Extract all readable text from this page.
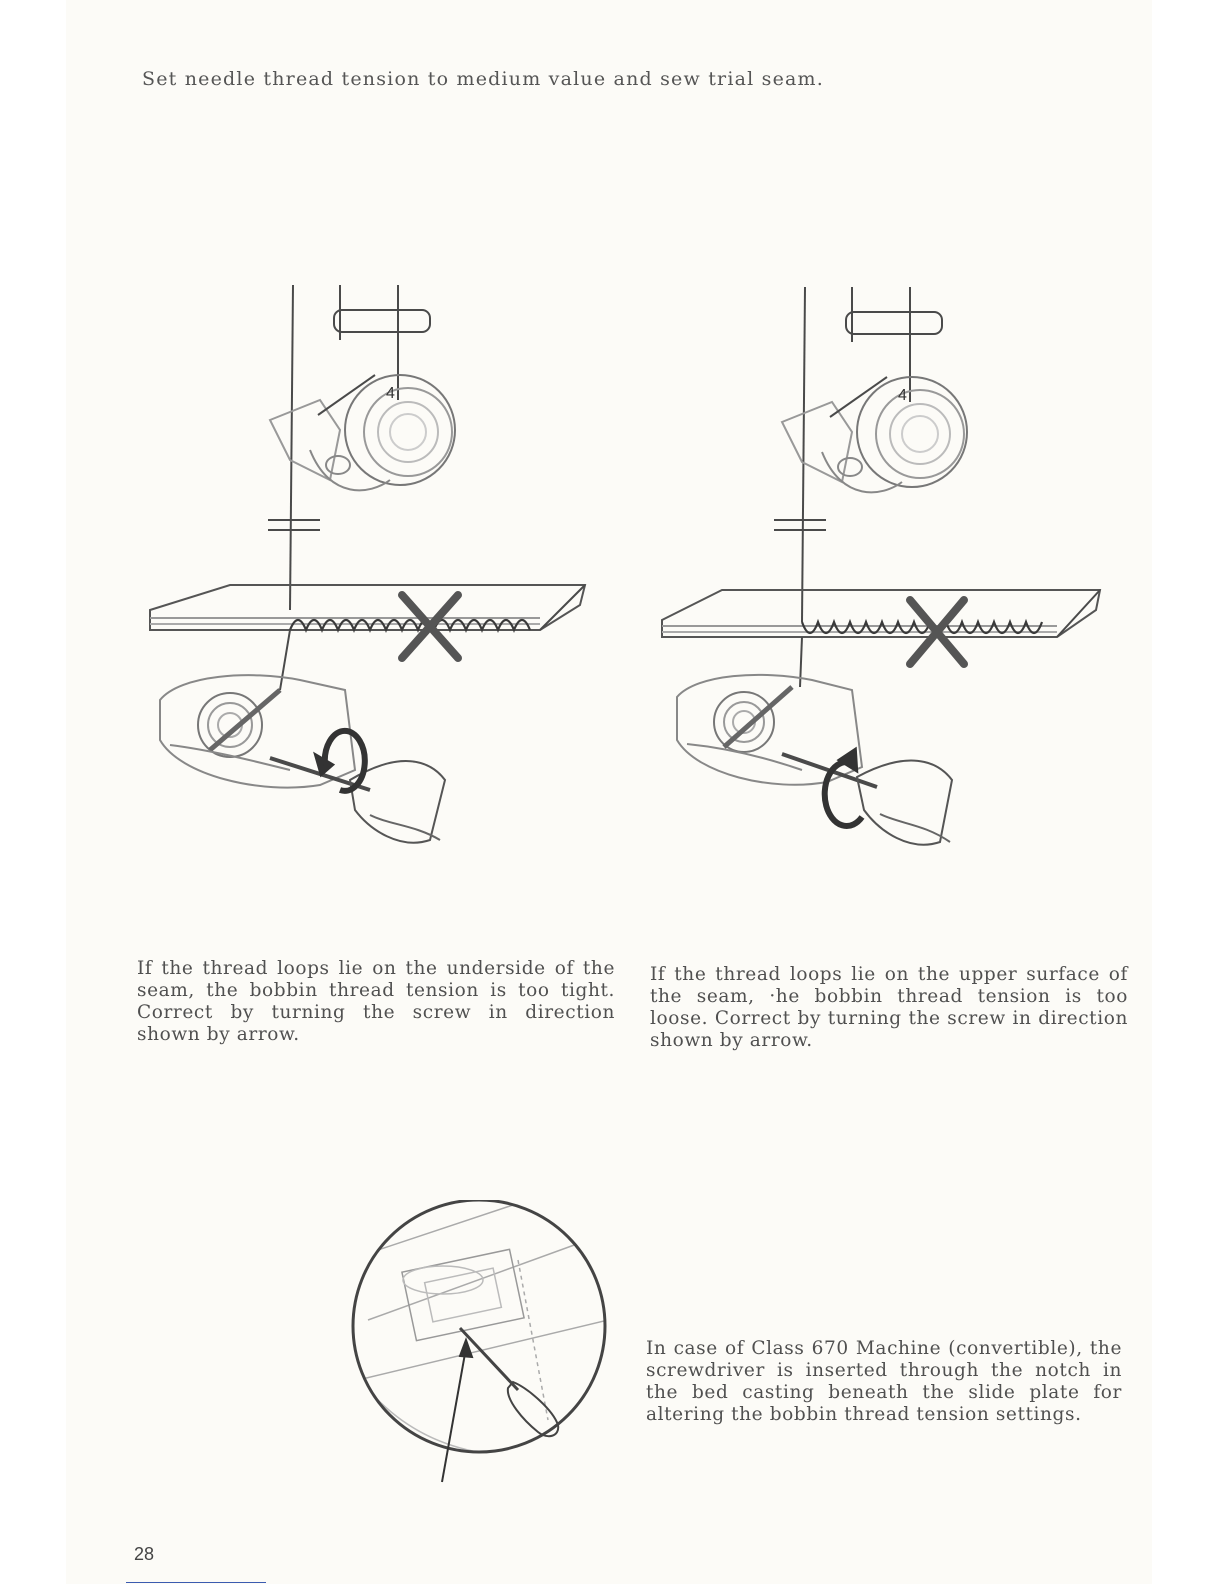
Set needle thread tension to medium value and sew trial seam.
4	4
If the thread loops lie on the underside of the seam, the bobbin thread tension is too tight. Correct by turning the screw in direction shown by arrow.
If the thread loops lie on the upper surface of the seam, ·he bobbin thread tension is too loose. Correct by turning the screw in direction shown by arrow.
In case of Class 670 Machine (convertible), the screwdriver is inserted through the notch in the bed casting beneath the slide plate for altering the bobbin thread tension settings.
28
